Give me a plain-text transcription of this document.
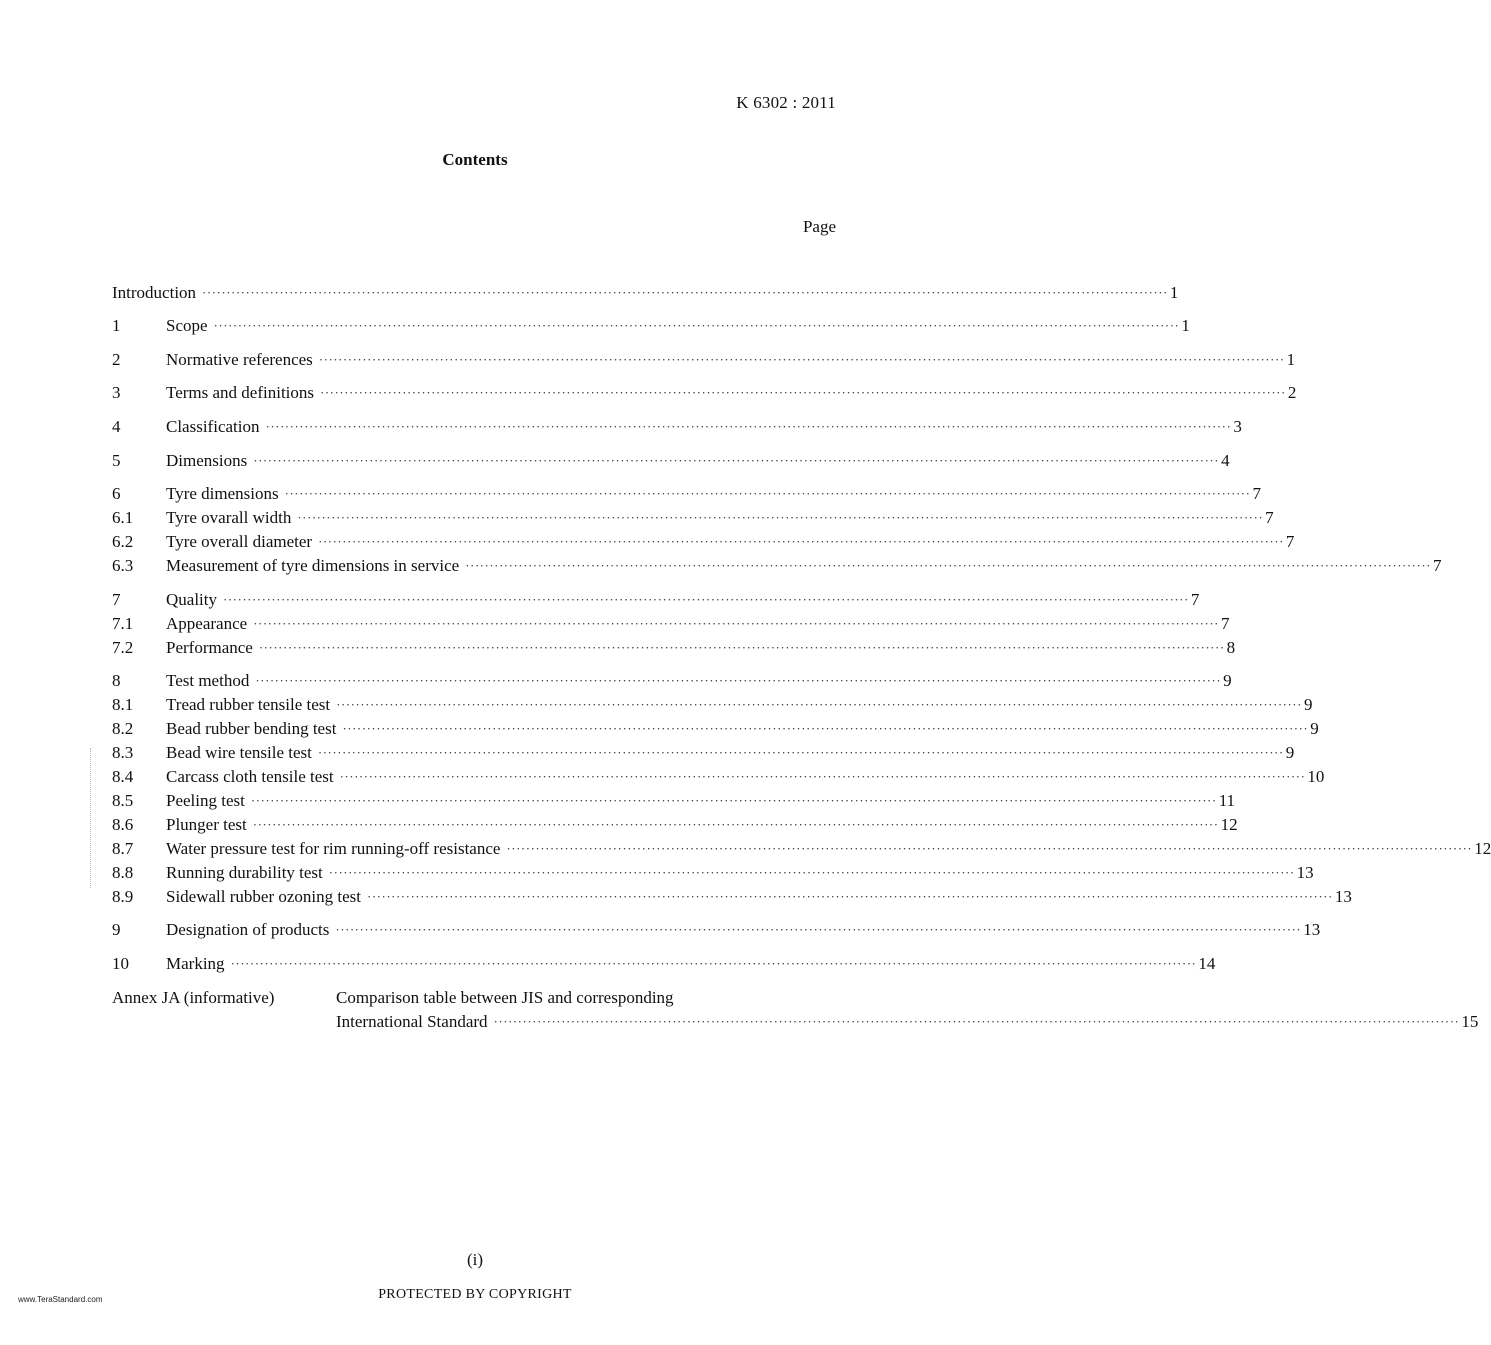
K 6302 : 2011
Contents
Page
Introduction ········································································································································································································ 1
1	Scope ········································································································································································································ 1
2	Normative references ········································································································································································································ 1
3	Terms and definitions ········································································································································································································ 2
4	Classification ········································································································································································································ 3
5	Dimensions ········································································································································································································ 4
6	Tyre dimensions ········································································································································································································ 7
6.1	Tyre ovarall width ········································································································································································································ 7
6.2	Tyre overall diameter ········································································································································································································ 7
6.3	Measurement of tyre dimensions in service ········································································································································································································ 7
7	Quality ········································································································································································································ 7
7.1	Appearance ········································································································································································································ 7
7.2	Performance ········································································································································································································ 8
8	Test method ········································································································································································································ 9
8.1	Tread rubber tensile test ········································································································································································································ 9
8.2	Bead rubber bending test ········································································································································································································ 9
8.3	Bead wire tensile test ········································································································································································································ 9
8.4	Carcass cloth tensile test ········································································································································································································ 10
8.5	Peeling test ········································································································································································································ 11
8.6	Plunger test ········································································································································································································ 12
8.7	Water pressure test for rim running-off resistance ········································································································································································································ 12
8.8	Running durability test ········································································································································································································ 13
8.9	Sidewall rubber ozoning test ········································································································································································································ 13
9	Designation of products ········································································································································································································ 13
10	Marking ········································································································································································································ 14
Annex JA (informative)	Comparison table between JIS and corresponding
International Standard ········································································································································································································ 15
(i)
www.TeraStandard.com	PROTECTED BY COPYRIGHT
